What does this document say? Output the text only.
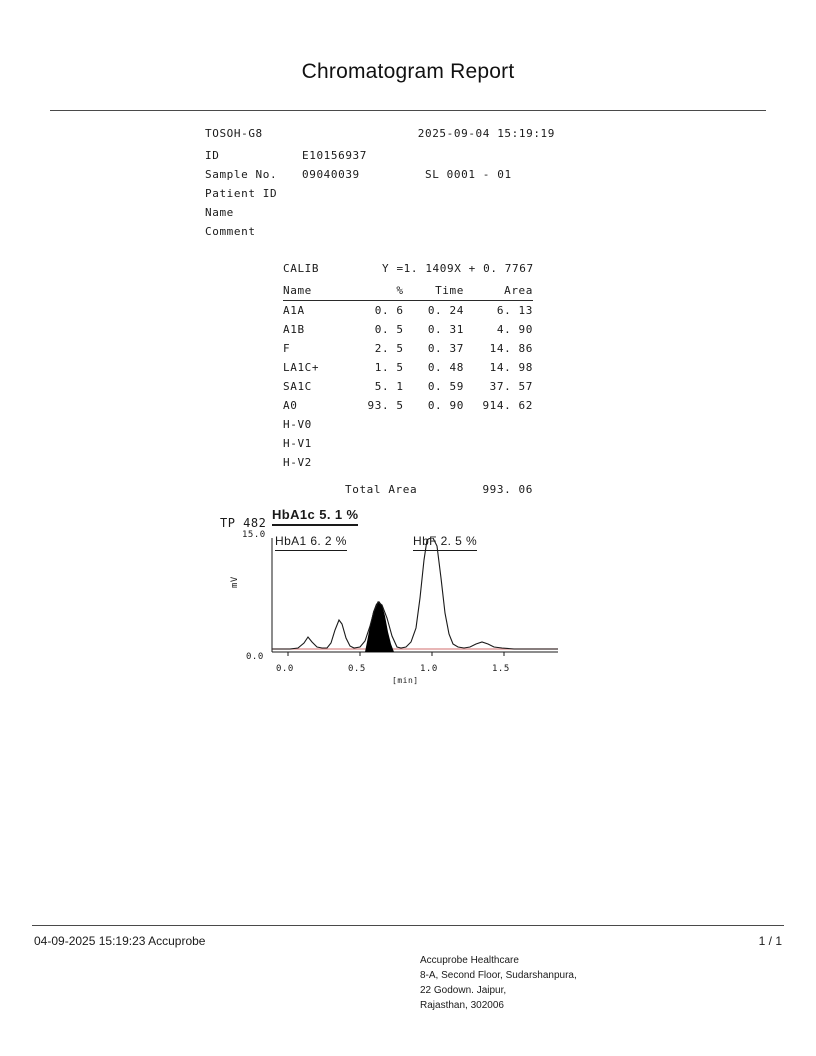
Chromatogram Report
TOSOH-G8	2025-09-04 15:19:19
ID	E10156937
Sample No. 09040039	SL 0001 - 01
Patient ID
Name
Comment
CALIB	Y =1. 1409X + 0. 7767
Name	%	Time	Area
A1A	0. 6	0. 24	6. 13
A1B	0. 5	0. 31	4. 90
F	2. 5	0. 37	14. 86
LA1C+	1. 5	0. 48	14. 98
SA1C	5. 1	0. 59	37. 57
A0	93. 5	0. 90	914. 62
H-V0			
H-V1			
H-V2			
Total Area	993. 06
HbA1c 5. 1 %
HbA1 6. 2 %	HbF 2. 5 %
TP 482
15.0
0.0
mV
0.0	0.5	1.0	1.5
[min]
04-09-2025 15:19:23 Accuprobe	1 / 1
Accuprobe Healthcare
8-A, Second Floor, Sudarshanpura,
22 Godown. Jaipur,
Rajasthan, 302006
